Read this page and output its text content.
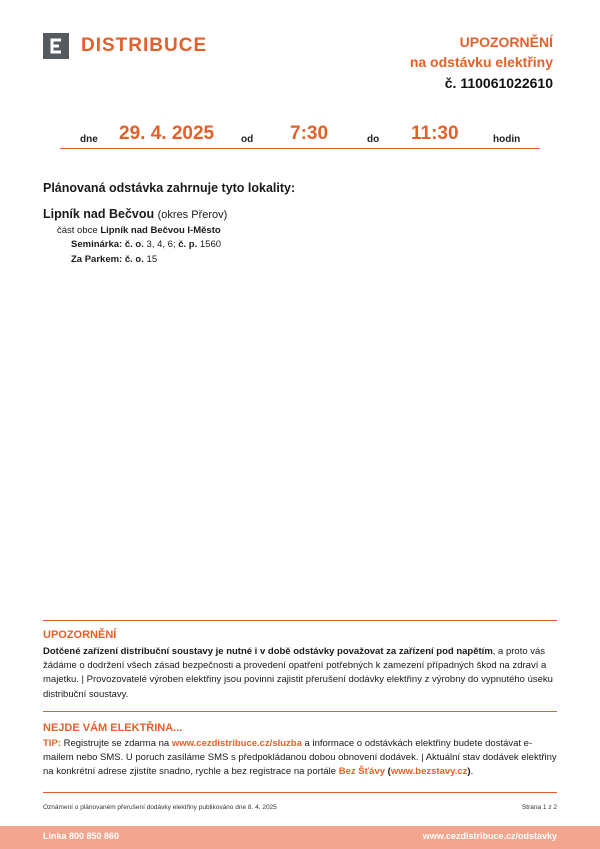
DISTRIBUCE	UPOZORNĚNÍ
na odstávku elektřiny
č. 110061022610
dne 29. 4. 2025	od 7:30	do 11:30	hodin
Plánovaná odstávka zahrnuje tyto lokality:
Lipník nad Bečvou (okres Přerov)
část obce Lipník nad Bečvou I-Město
Seminárka: č. o. 3, 4, 6; č. p. 1560
Za Parkem: č. o. 15
UPOZORNĚNÍ
Dotčené zařízení distribuční soustavy je nutné i v době odstávky považovat za zařízení pod napětím, a proto vás žádáme o dodržení všech zásad bezpečnosti a provedení opatření potřebných k zamezení případných škod na zdraví a majetku. | Provozovatelé výroben elektřiny jsou povinni zajistit přerušení dodávky elektřiny z výrobny do vypnutého úseku distribuční soustavy.
NEJDE VÁM ELEKTŘINA...
TIP: Registrujte se zdarma na www.cezdistribuce.cz/sluzba a informace o odstávkách elektřiny budete dostávat e-mailem nebo SMS. U poruch zasíláme SMS s předpokládanou dobou obnovení dodávek. | Aktuální stav dodávek elektřiny na konkrétní adrese zjistíte snadno, rychle a bez registrace na portále Bez Šťávy (www.bezstavy.cz).
Oznámení o plánovaném přerušení dodávky elektřiny publikováno dne 8. 4. 2025	Strana 1 z 2
Linka 800 850 860	www.cezdistribuce.cz/odstavky
